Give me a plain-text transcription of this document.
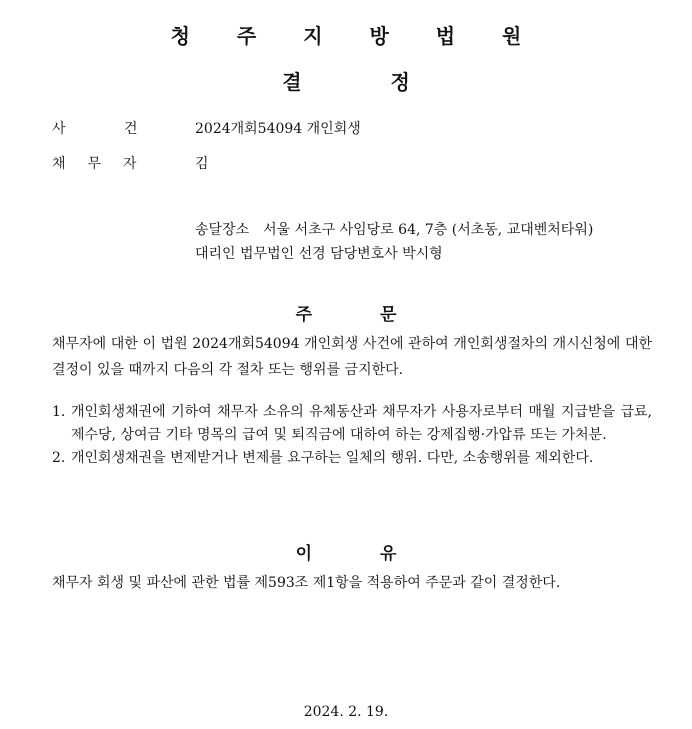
청 주 지 방 법 원
결 정
사 건	2024개회54094 개인회생
채무자	김
송달장소 서울 서초구 사임당로 64, 7층 (서초동, 교대벤처타워)
대리인 법무법인 선경 담당변호사 박시형
주 문
채무자에 대한 이 법원 2024개회54094 개인회생 사건에 관하여 개인회생절차의 개시신청에 대한 결정이 있을 때까지 다음의 각 절차 또는 행위를 금지한다.
1. 개인회생채권에 기하여 채무자 소유의 유체동산과 채무자가 사용자로부터 매월 지급받을 급료, 제수당, 상여금 기타 명목의 급여 및 퇴직금에 대하여 하는 강제집행·가압류 또는 가처분.
2. 개인회생채권을 변제받거나 변제를 요구하는 일체의 행위. 다만, 소송행위를 제외한다.
이 유
채무자 회생 및 파산에 관한 법률 제593조 제1항을 적용하여 주문과 같이 결정한다.
2024. 2. 19.
